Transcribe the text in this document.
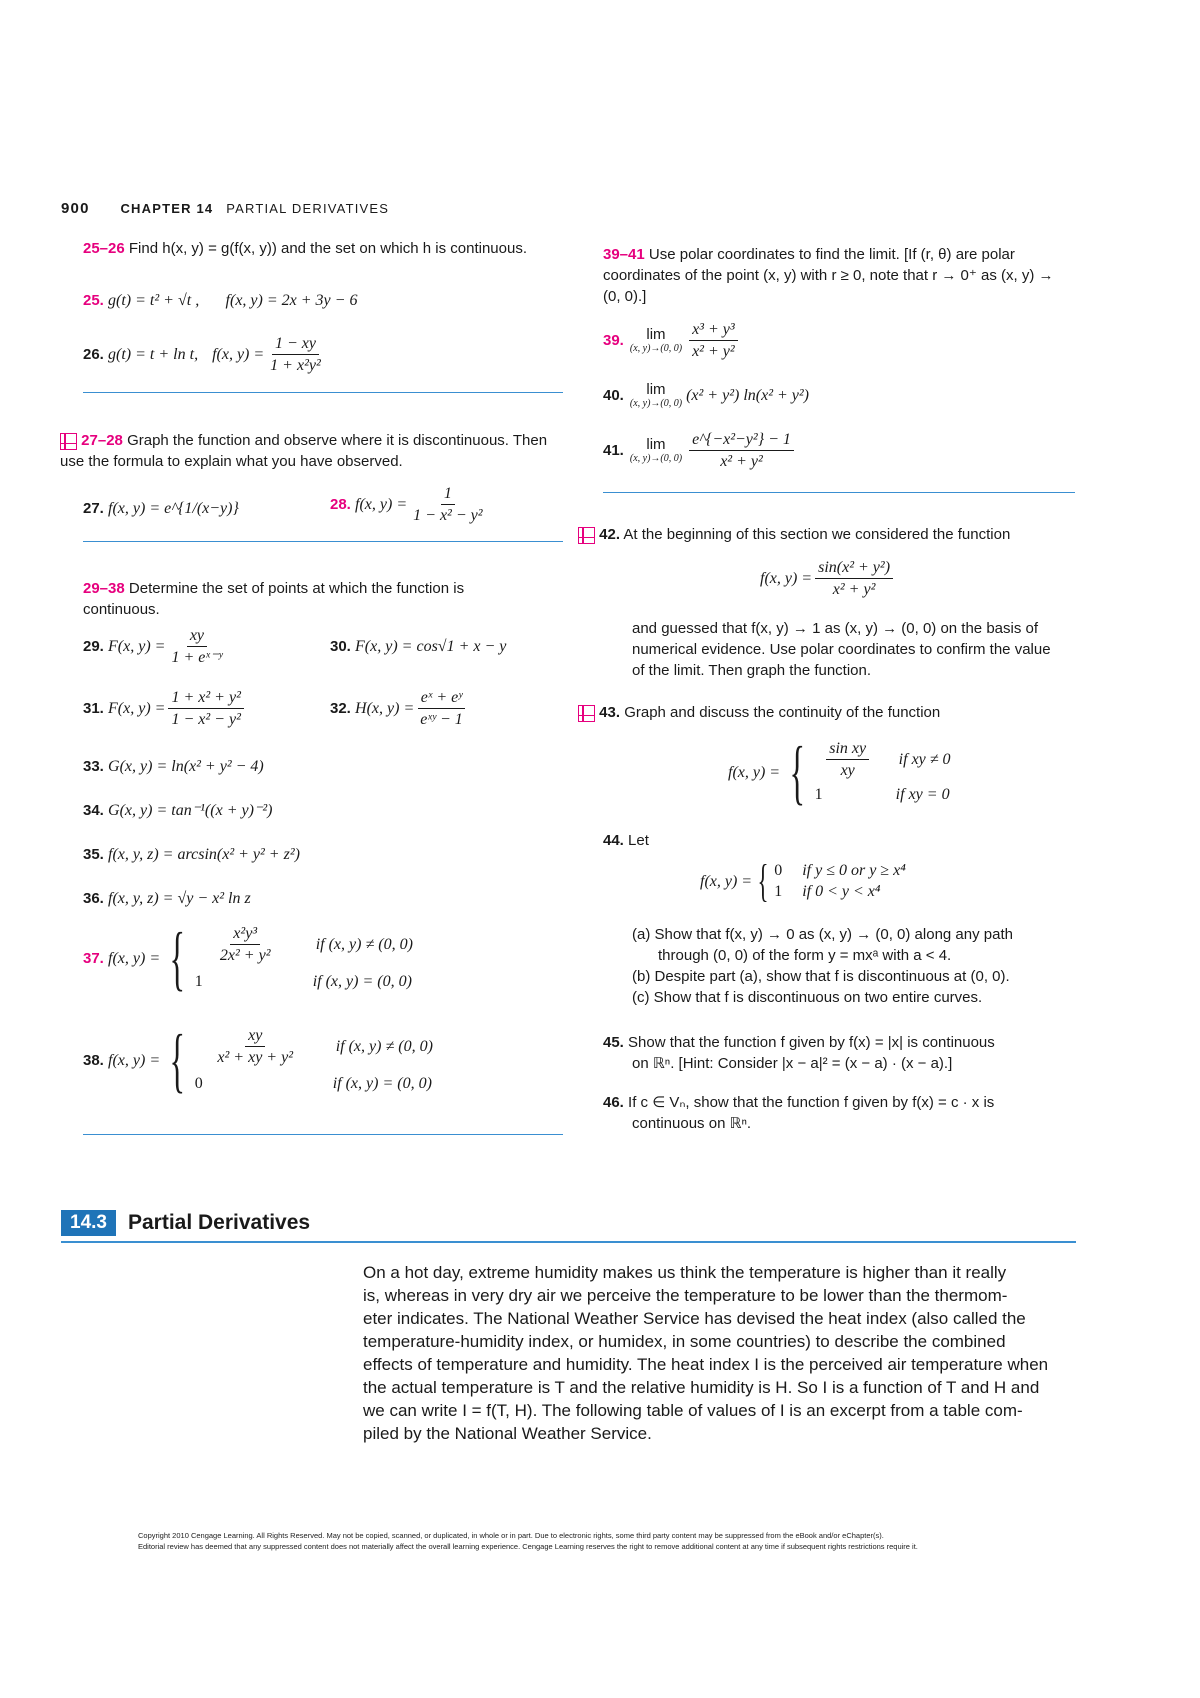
900 CHAPTER 14 PARTIAL DERIVATIVES
25–26 Find h(x, y) = g(f(x, y)) and the set on which h is continuous.
25. g(t) = t² + √t , f(x, y) = 2x + 3y − 6
26.
g(t) = t + ln t, f(x, $y) = \frac{1 - xy}{\text{1 + x²y²}}$
27–28 Graph the function and observe where it is discontinuous. Then use the formula to explain what you have observed.
27. f(x, y) = e^{1/(x−y)}	28.
f(x, $y) = \frac{1}{\text{1 − x² − y²}}$
29–38 Determine the set of points at which the function is continuous.
29.
F(x, $y) = \frac{xy}{\text{1 + eˣ⁻ʸ}}$	30. F(x, y) = cos√1 + x − y
31.
F(x, $y) = \frac{\text{1 + x² + y²}}{\text{1 − x² − y²}}$	32.
H(x, $y) = \frac{\text{eˣ + eʸ}}{\text{eˣʸ − 1}}$
33. G(x, y) = ln(x² + y² − 4)
34. G(x, y) = tan⁻¹((x + y)⁻²)
35. f(x, y, z) = arcsin(x² + y² + z²)
36. f(x, y, z) = √y − x² ln z
37.
f(x, y) = { $\frac{\text{x²y³}}{\text{2x² + y²}}$ if (x, y) ≠ (0, 0)
1	if (x, y) = (0, 0)
38.
f(x, y) = { $\frac{xy}{\text{x² + xy + y²}}$ if (x, y) ≠ (0, 0)
0	if (x, y) = (0, 0)
39–41 Use polar coordinates to find the limit. [If (r, θ) are polar coordinates of the point (x, y) with r ≥ 0, note that r → 0⁺ as (x, y) → (0, 0).]
39. lim
(x, y)→(0, $0) \frac{\text{x³ + y³}}{\text{x² + y²}}$
40. lim
(x, y)→(0, 0) (x² + y²) ln(x² + y²)
41. lim
(x, y)→(0, $0) \frac{\text{e\textasciicircum{}\{−x²−y²\} − 1}}{\text{x² + y²}}$
42. At the beginning of this section we considered the function
f(x, $y) = \frac{\text{sin(x² + y²)}}{\text{x² + y²}}$
and guessed that f(x, y) → 1 as (x, y) → (0, 0) on the basis of numerical evidence. Use polar coordinates to confirm the value of the limit. Then graph the function.
43. Graph and discuss the continuity of the function
f(x, y) = { $\frac{\text{sin xy}}{xy}$ if xy ≠ 0
1	if xy = 0
44. Let
f(x, y) = { 0	if y ≤ 0 or y ≥ x⁴
1	if 0 < y < x⁴
(a) Show that f(x, y) → 0 as (x, y) → (0, 0) along any path
through (0, 0) of the form y = mxᵃ with a < 4.
(b) Despite part (a), show that f is discontinuous at (0, 0).
(c) Show that f is discontinuous on two entire curves.
45. Show that the function f given by f(x) = |x| is continuous
on ℝⁿ. [Hint: Consider |x − a|² = (x − a) · (x − a).]
46. If c ∈ Vₙ, show that the function f given by f(x) = c · x is
continuous on ℝⁿ.
14.3	Partial Derivatives
On a hot day, extreme humidity makes us think the temperature is higher than it really
is, whereas in very dry air we perceive the temperature to be lower than the thermom-
eter indicates. The National Weather Service has devised the heat index (also called the
temperature-humidity index, or humidex, in some countries) to describe the combined
effects of temperature and humidity. The heat index I is the perceived air temperature when
the actual temperature is T and the relative humidity is H. So I is a function of T and H and
we can write I = f(T, H). The following table of values of I is an excerpt from a table com-
piled by the National Weather Service.
Copyright 2010 Cengage Learning. All Rights Reserved. May not be copied, scanned, or duplicated, in whole or in part. Due to electronic rights, some third party content may be suppressed from the eBook and/or eChapter(s).
Editorial review has deemed that any suppressed content does not materially affect the overall learning experience. Cengage Learning reserves the right to remove additional content at any time if subsequent rights restrictions require it.
